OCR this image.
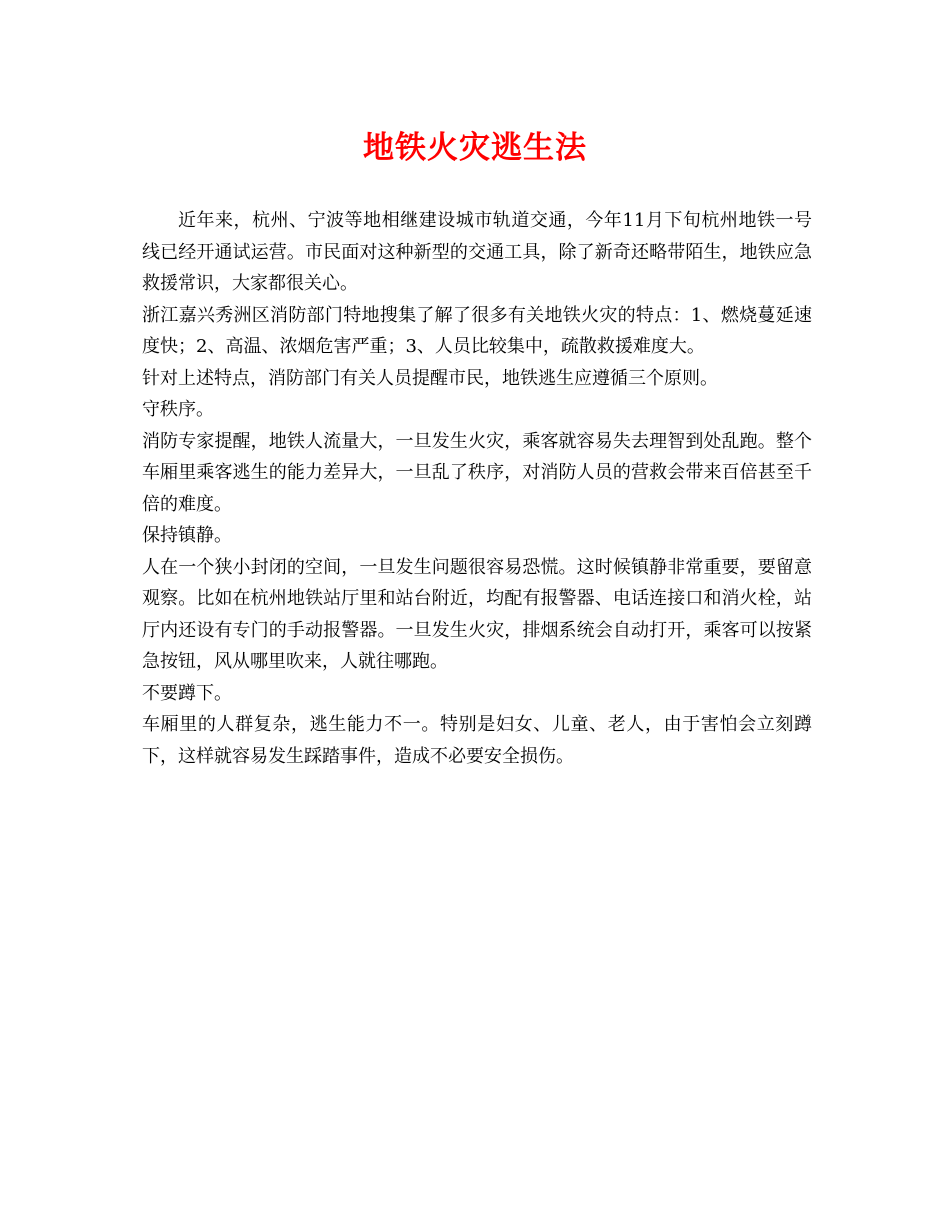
地铁火灾逃生法

近年来，杭州、宁波等地相继建设城市轨道交通，今年11月下旬杭州地铁一号线已经开通试运营。市民面对这种新型的交通工具，除了新奇还略带陌生，地铁应急救援常识，大家都很关心。

浙江嘉兴秀洲区消防部门特地搜集了解了很多有关地铁火灾的特点：1、燃烧蔓延速度快；2、高温、浓烟危害严重；3、人员比较集中，疏散救援难度大。

针对上述特点，消防部门有关人员提醒市民，地铁逃生应遵循三个原则。

守秩序。

消防专家提醒，地铁人流量大，一旦发生火灾，乘客就容易失去理智到处乱跑。整个车厢里乘客逃生的能力差异大，一旦乱了秩序，对消防人员的营救会带来百倍甚至千倍的难度。

保持镇静。

人在一个狭小封闭的空间，一旦发生问题很容易恐慌。这时候镇静非常重要，要留意观察。比如在杭州地铁站厅里和站台附近，均配有报警器、电话连接口和消火栓，站厅内还设有专门的手动报警器。一旦发生火灾，排烟系统会自动打开，乘客可以按紧急按钮，风从哪里吹来，人就往哪跑。

不要蹲下。

车厢里的人群复杂，逃生能力不一。特别是妇女、儿童、老人，由于害怕会立刻蹲下，这样就容易发生踩踏事件，造成不必要安全损伤。
